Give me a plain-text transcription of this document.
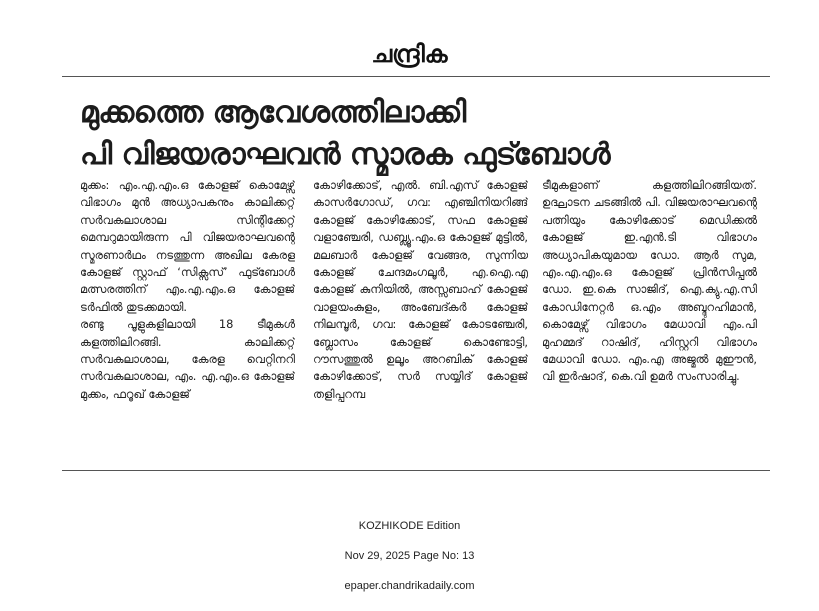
ചന്ദ്രിക
മുക്കത്തെ ആവേശത്തിലാക്കി
പി വിജയരാഘവൻ സ്മാരക ഫുട്ബോൾ

മുക്കം: എം.എ.എം.ഒ കോളജ് കൊമേഴ്സ് വിഭാഗം മുൻ അധ്യാപകനും കാലിക്കറ്റ് സർവകലാശാല സിന്റിക്കേറ്റ് മെമ്പറുമായിരുന്ന പി വിജയരാഘവന്റെ സ്മരണാർഥം നടത്തുന്ന അഖില കേരള കോളജ് സ്റ്റാഫ് ‘സിക്സസ്’ ഫുട്ബോൾ മത്സരത്തിന് എം.എ.എം.ഒ കോളജ് ടർഫിൽ തുടക്കമായി.

രണ്ടു പൂളുകളിലായി 18 ടീമുകൾ കളത്തിലിറങ്ങി. കാലിക്കറ്റ് സർവകലാശാല, കേരള വെറ്റിനറി സർവകലാശാല, എം. എ.എം.ഒ കോളജ് മുക്കം, ഫറൂഖ് കോളജ്

കോഴിക്കോട്, എൽ. ബി.എസ് കോളജ് കാസർഗോഡ്, ഗവ: എഞ്ചിനിയറിങ്ങ് കോളജ് കോഴിക്കോട്, സഫ കോളജ് വളാഞ്ചേരി, ഡബ്ല്യൂ.എം.ഒ കോളജ് മുട്ടിൽ, മലബാർ കോളജ് വേങ്ങര, സുന്നിയ കോളജ് ചേന്ദമംഗലൂർ, എ.ഐ.എ കോളജ് കുനിയിൽ, അസ്സബാഹ് കോളജ് വാളയംകുളം, അംബേദ്കർ കോളജ് നിലമ്പൂർ, ഗവ: കോളജ് കോടഞ്ചേരി, ബ്ലോസം കോളജ് കൊണ്ടോട്ടി, റൗസത്തുൽ ഉലൂം അറബിക് കോളജ് കോഴിക്കോട്, സർ സയ്യിദ് കോളജ് തളിപ്പറമ്പ

ടീമുകളാണ് കളത്തിലിറങ്ങിയത്. ഉദ്ഘാടന ചടങ്ങിൽ പി. വിജയരാഘവന്റെ പത്നിയും കോഴിക്കോട് മെഡിക്കൽ കോളജ് ഇ.എൻ.ടി വിഭാഗം അധ്യാപികയുമായ ഡോ. ആർ സുമ, എം.എ.എം.ഒ കോളജ് പ്രിൻസിപ്പൽ ഡോ. ഇ.കെ സാജിദ്, ഐ.ക്യു.എ.സി കോഡിനേറ്റർ ഒ.എം അബ്ദുറഹിമാൻ, കൊമേഴ്സ് വിഭാഗം മേധാവി എം.പി മുഹമ്മദ് റാഷിദ്, ഹിസ്റ്ററി വിഭാഗം മേധാവി ഡോ. എം.എ അജ്മൽ മുഈൻ, വി ഇർഷാദ്, കെ.വി ഉമർ സംസാരിച്ചു.

KOZHIKODE Edition
Nov 29, 2025 Page No: 13
epaper.chandrikadaily.com
